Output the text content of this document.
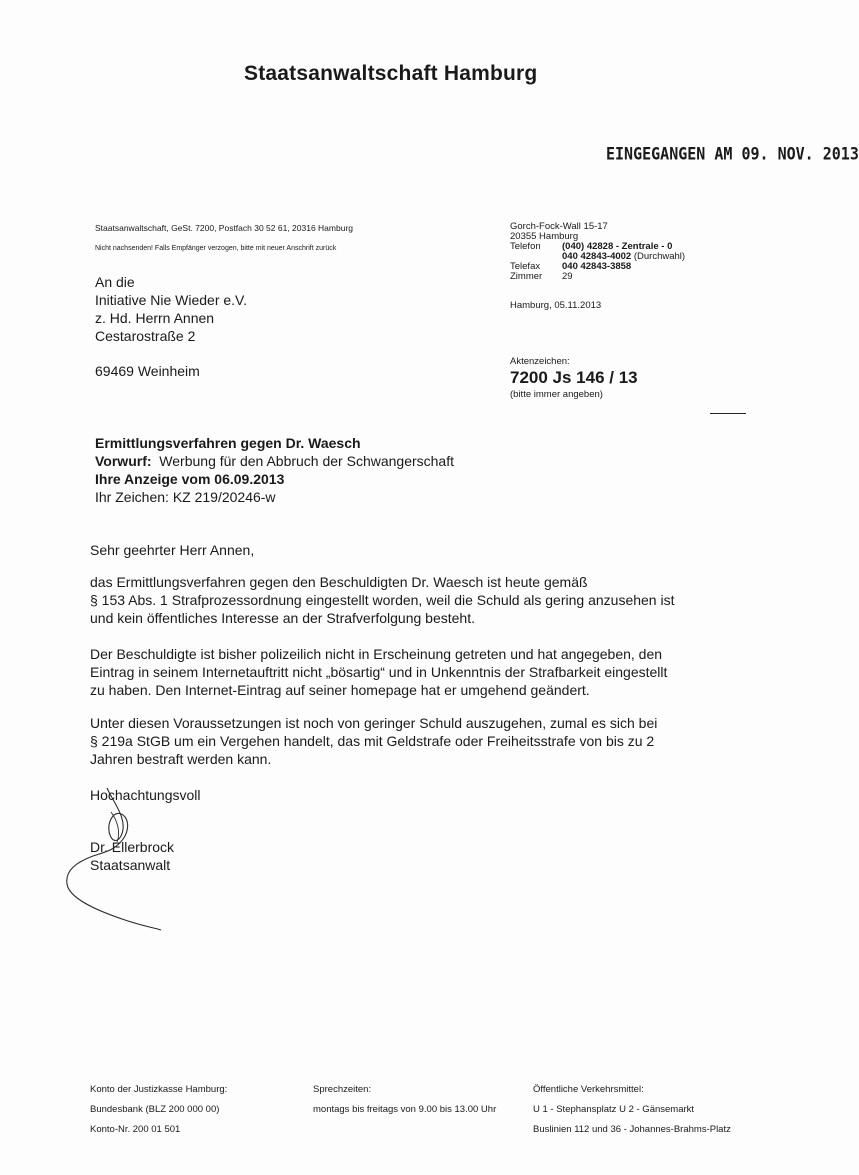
Staatsanwaltschaft Hamburg
EINGEGANGEN AM 09. NOV. 2013
Staatsanwaltschaft, GeSt. 7200, Postfach 30 52 61, 20316 Hamburg
Nicht nachsenden! Falls Empfänger verzogen, bitte mit neuer Anschrift zurück
An die
Initiative Nie Wieder e.V.
z. Hd. Herrn Annen
Cestarostraße 2
69469 Weinheim
Gorch-Fock-Wall 15-17
20355 Hamburg
Telefon (040) 42828 - Zentrale - 0
040 42843-4002 (Durchwahl)
Telefax 040 42843-3858
Zimmer 29
Hamburg, 05.11.2013
Aktenzeichen:
7200 Js 146 / 13
(bitte immer angeben)
Ermittlungsverfahren gegen Dr. Waesch
Vorwurf: Werbung für den Abbruch der Schwangerschaft
Ihre Anzeige vom 06.09.2013
Ihr Zeichen: KZ 219/20246-w
Sehr geehrter Herr Annen,
das Ermittlungsverfahren gegen den Beschuldigten Dr. Waesch ist heute gemäß
§ 153 Abs. 1 Strafprozessordnung eingestellt worden, weil die Schuld als gering anzusehen ist
und kein öffentliches Interesse an der Strafverfolgung besteht.
Der Beschuldigte ist bisher polizeilich nicht in Erscheinung getreten und hat angegeben, den
Eintrag in seinem Internetauftritt nicht „bösartig“ und in Unkenntnis der Strafbarkeit eingestellt
zu haben. Den Internet-Eintrag auf seiner homepage hat er umgehend geändert.
Unter diesen Voraussetzungen ist noch von geringer Schuld auszugehen, zumal es sich bei
§ 219a StGB um ein Vergehen handelt, das mit Geldstrafe oder Freiheitsstrafe von bis zu 2
Jahren bestraft werden kann.
Hochachtungsvoll
Dr. Ellerbrock
Staatsanwalt
Konto der Justizkasse Hamburg:
Bundesbank (BLZ 200 000 00)
Konto-Nr. 200 01 501
Sprechzeiten:
montags bis freitags von 9.00 bis 13.00 Uhr
Öffentliche Verkehrsmittel:
U 1 - Stephansplatz U 2 - Gänsemarkt
Buslinien 112 und 36 - Johannes-Brahms-Platz
